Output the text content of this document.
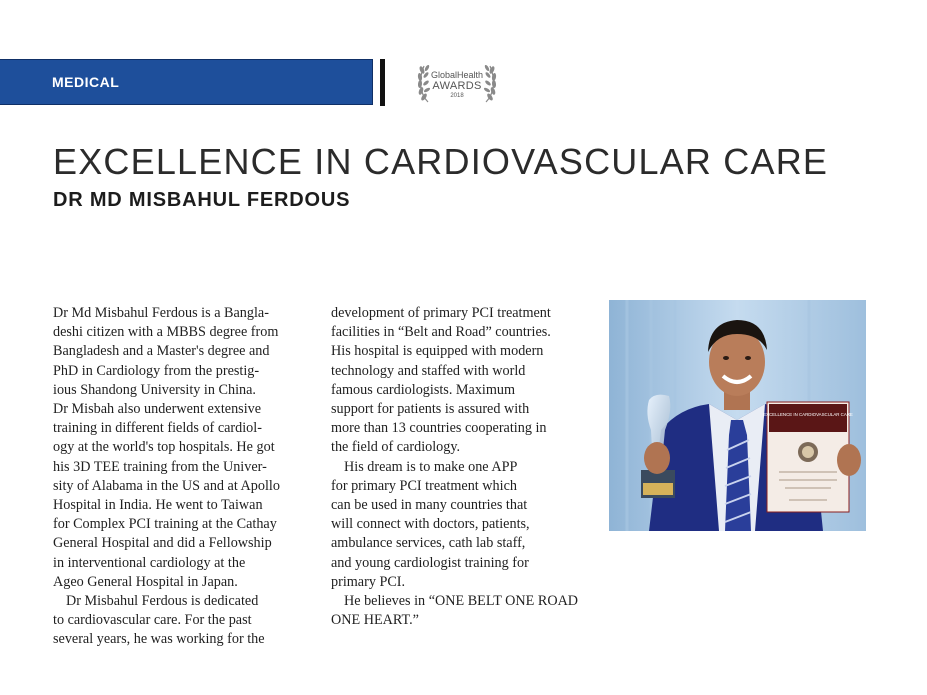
MEDICAL	GlobalHealth
AWARDS
2018
EXCELLENCE IN CARDIOVASCULAR CARE
DR MD MISBAHUL FERDOUS
Dr Md Misbahul Ferdous is a Bangla-
deshi citizen with a MBBS degree from
Bangladesh and a Master's degree and
PhD in Cardiology from the prestig-
ious Shandong University in China.
Dr Misbah also underwent extensive
training in different fields of cardiol-
ogy at the world's top hospitals. He got
his 3D TEE training from the Univer-
sity of Alabama in the US and at Apollo
Hospital in India. He went to Taiwan
for Complex PCI training at the Cathay
General Hospital and did a Fellowship
in interventional cardiology at the
Ageo General Hospital in Japan.
Dr Misbahul Ferdous is dedicated
to cardiovascular care. For the past
several years, he was working for the
development of primary PCI treatment
facilities in “Belt and Road” countries.
His hospital is equipped with modern
technology and staffed with world
famous cardiologists. Maximum
support for patients is assured with
more than 13 countries cooperating in
the field of cardiology.
His dream is to make one APP
for primary PCI treatment which
can be used in many countries that
will connect with doctors, patients,
ambulance services, cath lab staff,
and young cardiologist training for
primary PCI.
He believes in “ONE BELT ONE ROAD
ONE HEART.”
EXCELLENCE IN CARDIOVASCULAR CARE
